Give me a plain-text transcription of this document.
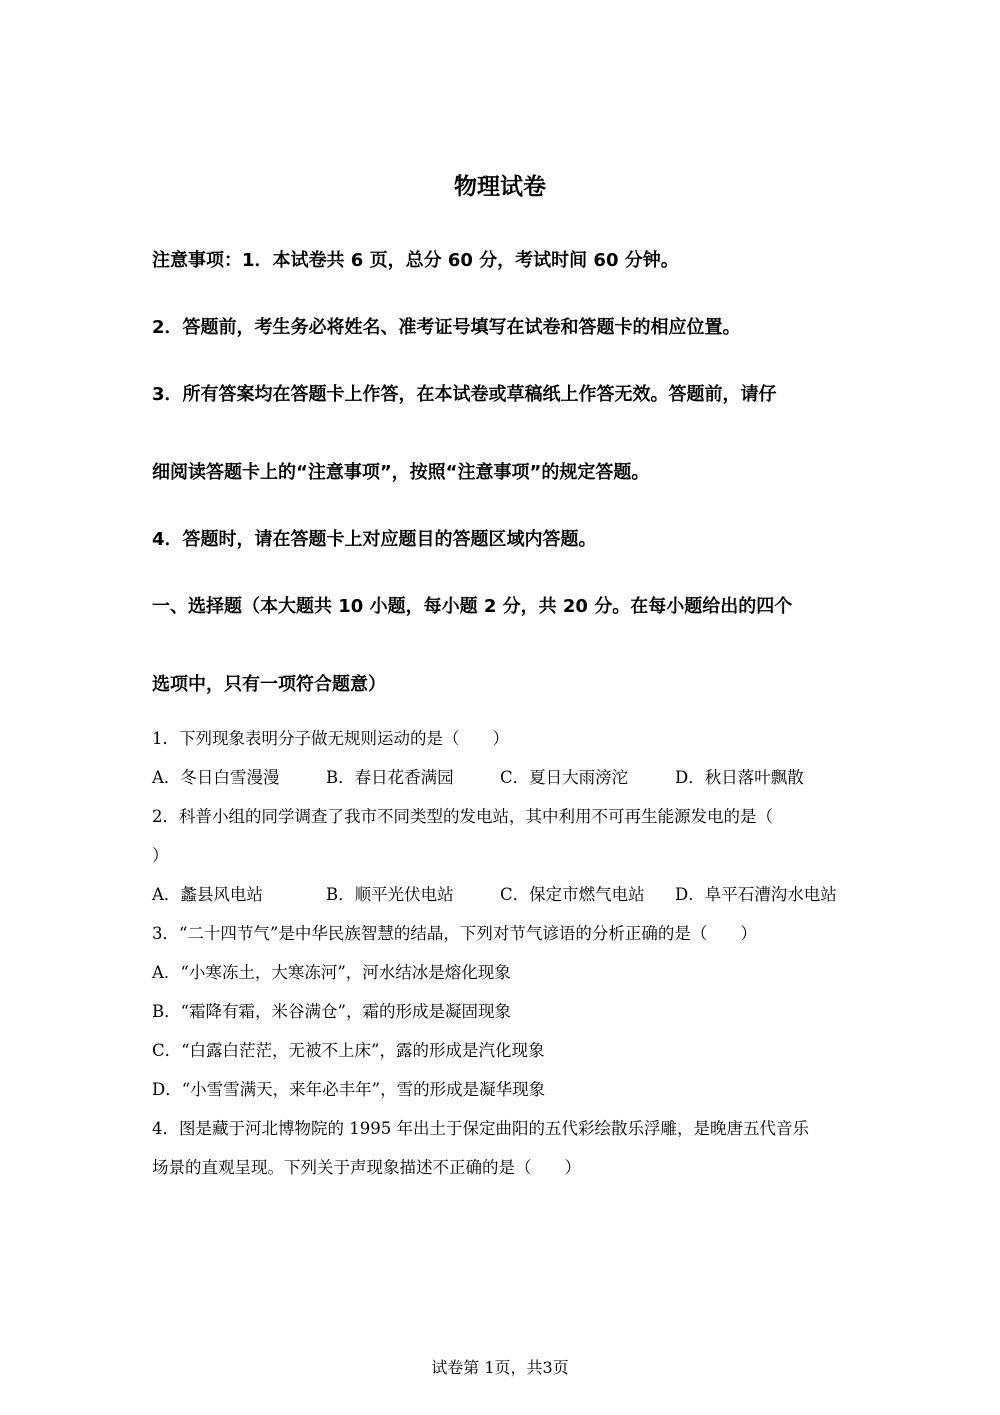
物理试卷
注意事项：1．本试卷共 6 页，总分 60 分，考试时间 60 分钟。
2．答题前，考生务必将姓名、准考证号填写在试卷和答题卡的相应位置。
3．所有答案均在答题卡上作答，在本试卷或草稿纸上作答无效。答题前，请仔
细阅读答题卡上的“注意事项”，按照“注意事项”的规定答题。
4．答题时，请在答题卡上对应题目的答题区域内答题。
一、选择题（本大题共 10 小题，每小题 2 分，共 20 分。在每小题给出的四个
选项中，只有一项符合题意）
1．下列现象表明分子做无规则运动的是（　　）
A．冬日白雪漫漫	B．春日花香满园	C．夏日大雨滂沱	D．秋日落叶飘散
2．科普小组的同学调查了我市不同类型的发电站，其中利用不可再生能源发电的是（
）
A．蠡县风电站	B．顺平光伏电站	C．保定市燃气电站 D．阜平石漕沟水电站
3．“二十四节气”是中华民族智慧的结晶，下列对节气谚语的分析正确的是（　　）
A．“小寒冻土，大寒冻河”，河水结冰是熔化现象
B．“霜降有霜，米谷满仓”，霜的形成是凝固现象
C．“白露白茫茫，无被不上床”，露的形成是汽化现象
D．“小雪雪满天，来年必丰年”，雪的形成是凝华现象
4．图是藏于河北博物院的 1995 年出土于保定曲阳的五代彩绘散乐浮雕，是晚唐五代音乐
场景的直观呈现。下列关于声现象描述不正确的是（　　）
试卷第 1页，共3页
